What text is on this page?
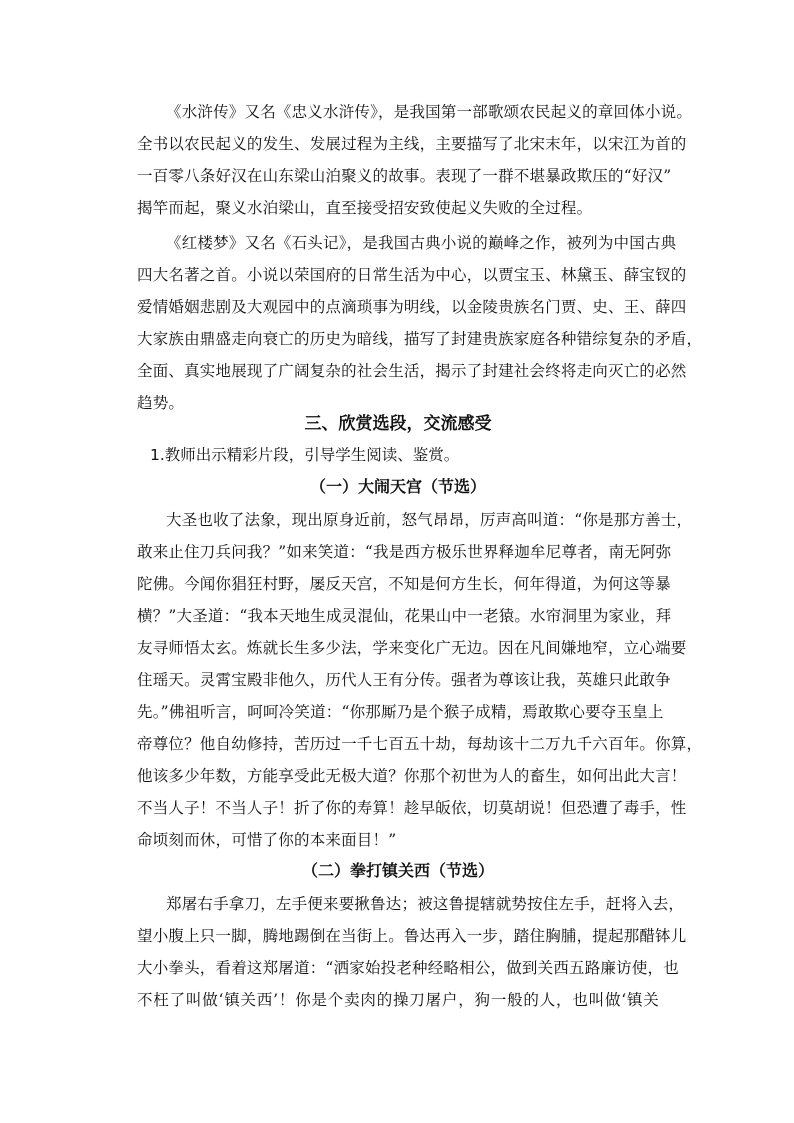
《水浒传》又名《忠义水浒传》，是我国第一部歌颂农民起义的章回体小说。
全书以农民起义的发生、发展过程为主线，主要描写了北宋末年，以宋江为首的
一百零八条好汉在山东梁山泊聚义的故事。表现了一群不堪暴政欺压的“好汉”
揭竿而起，聚义水泊梁山，直至接受招安致使起义失败的全过程。
《红楼梦》又名《石头记》，是我国古典小说的巅峰之作，被列为中国古典
四大名著之首。小说以荣国府的日常生活为中心，以贾宝玉、林黛玉、薛宝钗的
爱情婚姻悲剧及大观园中的点滴琐事为明线，以金陵贵族名门贾、史、王、薛四
大家族由鼎盛走向衰亡的历史为暗线，描写了封建贵族家庭各种错综复杂的矛盾，
全面、真实地展现了广阔复杂的社会生活，揭示了封建社会终将走向灭亡的必然
趋势。
三、欣赏选段，交流感受
1.教师出示精彩片段，引导学生阅读、鉴赏。
（一）大闹天宫（节选）
大圣也收了法象，现出原身近前，怒气昂昂，厉声高叫道：“你是那方善士，
敢来止住刀兵问我？”如来笑道：“我是西方极乐世界释迦牟尼尊者，南无阿弥
陀佛。今闻你猖狂村野，屡反天宫，不知是何方生长，何年得道，为何这等暴
横？”大圣道：“我本天地生成灵混仙，花果山中一老猿。水帘洞里为家业，拜
友寻师悟太玄。炼就长生多少法，学来变化广无边。因在凡间嫌地窄，立心端要
住瑶天。灵霄宝殿非他久，历代人王有分传。强者为尊该让我，英雄只此敢争
先。”佛祖听言，呵呵冷笑道：“你那厮乃是个猴子成精，焉敢欺心要夺玉皇上
帝尊位？他自幼修持，苦历过一千七百五十劫，每劫该十二万九千六百年。你算，
他该多少年数，方能享受此无极大道？你那个初世为人的畜生，如何出此大言！
不当人子！不当人子！折了你的寿算！趁早皈依，切莫胡说！但恐遭了毒手，性
命顷刻而休，可惜了你的本来面目！”
（二）拳打镇关西（节选）
郑屠右手拿刀，左手便来要揪鲁达；被这鲁提辖就势按住左手，赶将入去，
望小腹上只一脚，腾地踢倒在当街上。鲁达再入一步，踏住胸脯，提起那醋钵儿
大小拳头，看着这郑屠道：“洒家始投老种经略相公，做到关西五路廉访使，也
不枉了叫做‘镇关西’！你是个卖肉的操刀屠户，狗一般的人，也叫做‘镇关
